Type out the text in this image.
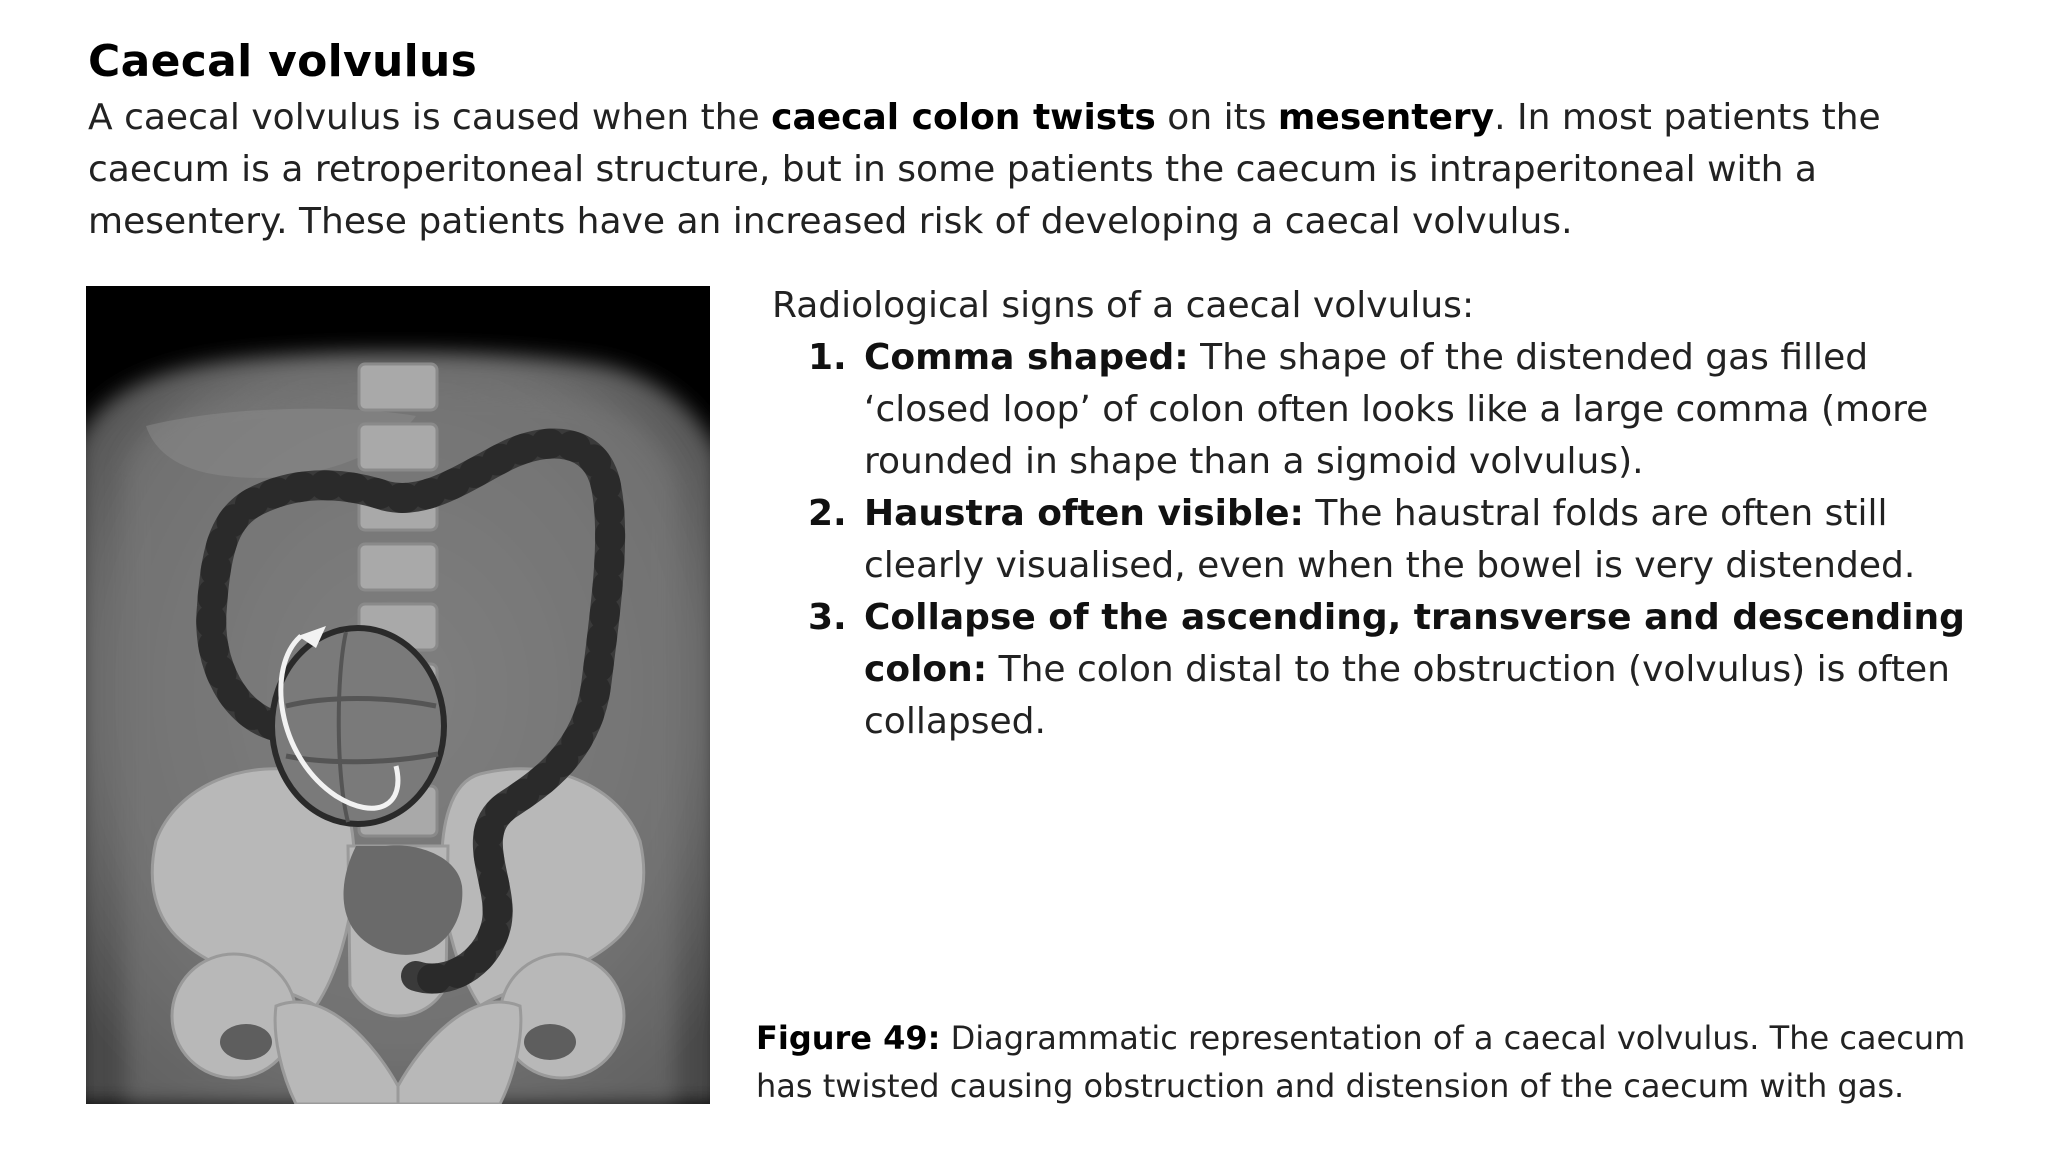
Caecal volvulus

A caecal volvulus is caused when the caecal colon twists on its mesentery. In most patients the caecum is a retroperitoneal structure, but in some patients the caecum is intraperitoneal with a mesentery. These patients have an increased risk of developing a caecal volvulus.

Radiological signs of a caecal volvulus:

1. Comma shaped: The shape of the distended gas filled ‘closed loop’ of colon often looks like a large comma (more rounded in shape than a sigmoid volvulus).
2. Haustra often visible: The haustral folds are often still clearly visualised, even when the bowel is very distended.
3. Collapse of the ascending, transverse and descending colon: The colon distal to the obstruction (volvulus) is often collapsed.

Figure 49: Diagrammatic representation of a caecal volvulus. The caecum has twisted causing obstruction and distension of the caecum with gas.
